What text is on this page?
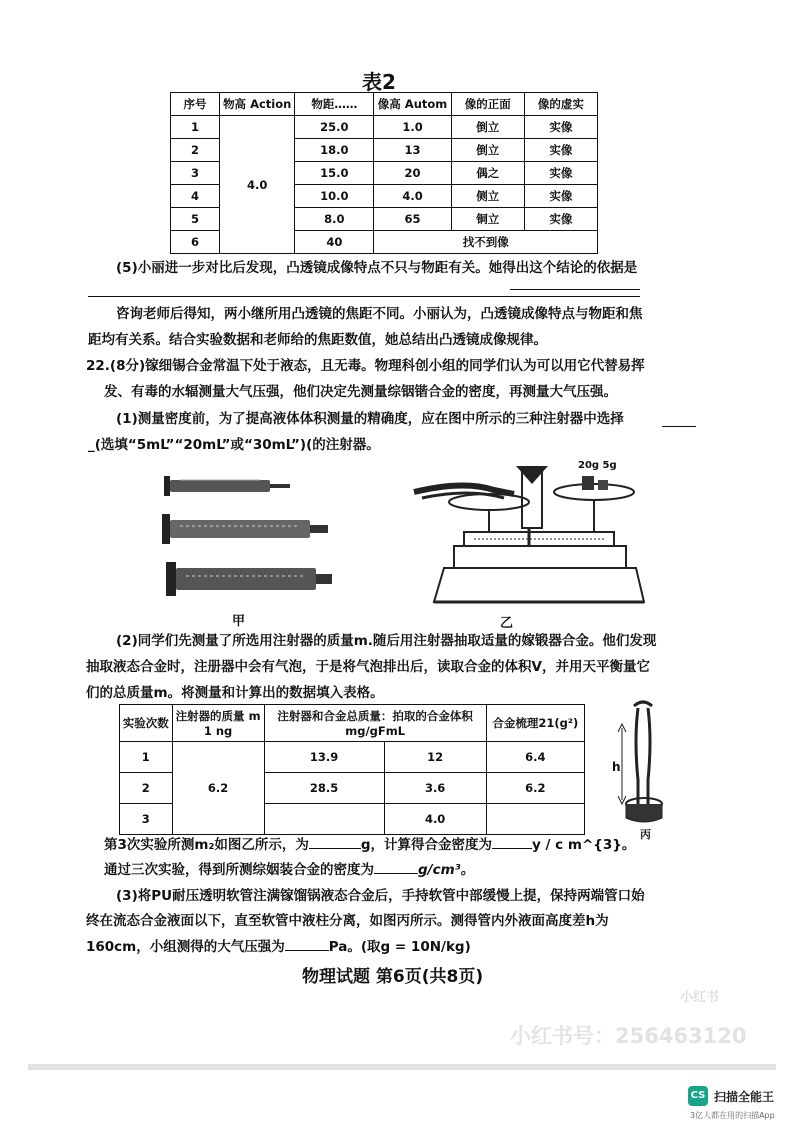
表2
序号	物高 Action	物距……	像高 Autom	像的正面	像的虚实
1	4.0	25.0	1.0	倒立	实像
2		18.0	13	倒立	实像
3		15.0	20	偶之	实像
4		10.0	4.0	侧立	实像
5		8.0	65	铜立	实像
6		40	找不到像		
(5)小丽进一步对比后发现，凸透镜成像特点不只与物距有关。她得出这个结论的依据是
咨询老师后得知，两小继所用凸透镜的焦距不同。小丽认为，凸透镜成像特点与物距和焦
距均有关系。结合实验数据和老师给的焦距数值，她总结出凸透镜成像规律。
22.(8分)镓细锡合金常温下处于液态，且无毒。物理科创小组的同学们认为可以用它代替易挥
发、有毒的水辐测量大气压强，他们决定先测量综铟锴合金的密度，再测量大气压强。
(1)测量密度前，为了提高液体体积测量的精确度，应在图中所示的三种注射器中选择
_(选填“5mL”“20mL”或“30mL”)(的注射器。
甲
20g 5g
乙
(2)同学们先测量了所选用注射器的质量m.随后用注射器抽取适量的嫁锻器合金。他们发现
抽取液态合金时，注册器中会有气泡，于是将气泡排出后，读取合金的体积V，并用天平衡量它
们的总质量m。将测量和计算出的数据填入表格。
实验次数	注射器的质量 m 1 ng	注射器和合金总质量：拍取的合金体积mg/gFmL		合金梳理21(g²)
1	6.2	13.9	12	6.4
2		28.5	3.6	6.2
3			4.0	
h
丙
第3次实验所测m₂如图乙所示，为	g，计算得合金密度为	y / c m^{3}。
通过三次实验，得到所测综姻装合金的密度为	g/cm³。
(3)将PU耐压透明软管注满镓馏锅液态合金后，手持软管中部缓慢上提，保持两端管口始
终在流态合金液面以下，直至软管中液柱分离，如图丙所示。测得管内外液面高度差h为
160cm，小组测得的大气压强为	Pa。(取g = 10N/kg)
物理试题 第6页(共8页)
小红书
小红书号：256463120
CS 扫描全能王
3亿人都在用的扫描App
